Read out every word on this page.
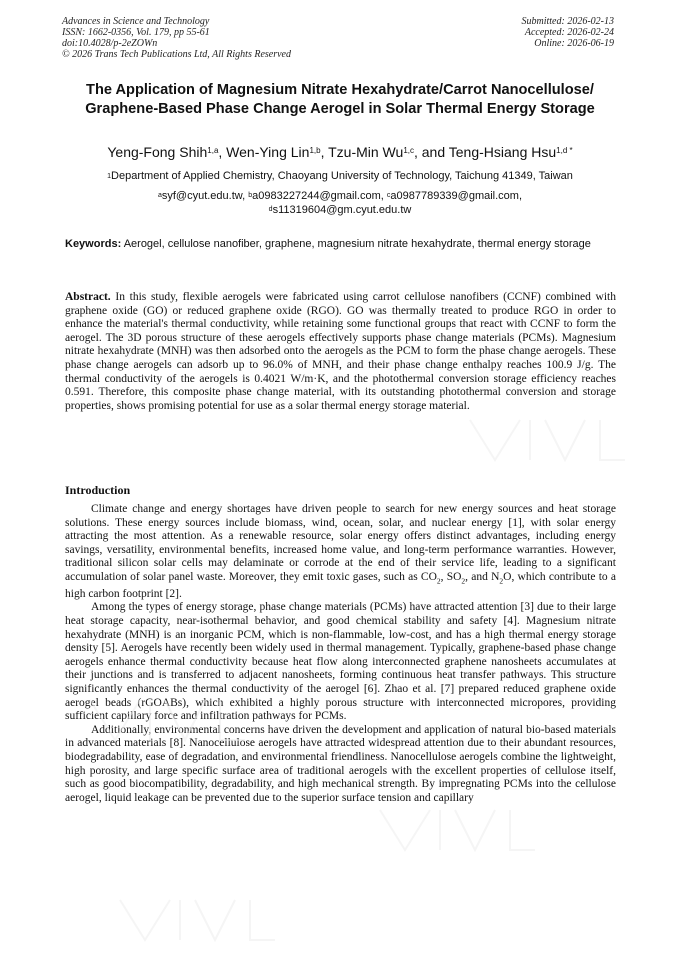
Advances in Science and Technology
ISSN: 1662-0356, Vol. 179, pp 55-61
doi:10.4028/p-2eZOWn
© 2026 Trans Tech Publications Ltd, All Rights Reserved
Submitted: 2026-02-13
Accepted: 2026-02-24
Online: 2026-06-19
The Application of Magnesium Nitrate Hexahydrate/Carrot Nanocellulose/ Graphene-Based Phase Change Aerogel in Solar Thermal Energy Storage
Yeng-Fong Shih$^{1,a}$, Wen-Ying Lin$^{1,b}$, Tzu-Min Wu$^{1,c}$, and Teng-Hsiang Hsu$^{1,d *}$
$^1$Department of Applied Chemistry, Chaoyang University of Technology, Taichung 41349, Taiwan
$^a$syf@cyut.edu.tw, $^b$a0983227244@gmail.com, $^c$a0987789339@gmail.com,
$^d$s11319604@gm.cyut.edu.tw
Keywords: Aerogel, cellulose nanofiber, graphene, magnesium nitrate hexahydrate, thermal energy storage
Abstract. In this study, flexible aerogels were fabricated using carrot cellulose nanofibers (CCNF) combined with graphene oxide (GO) or reduced graphene oxide (RGO). GO was thermally treated to produce RGO in order to enhance the material's thermal conductivity, while retaining some functional groups that react with CCNF to form the aerogel. The 3D porous structure of these aerogels effectively supports phase change materials (PCMs). Magnesium nitrate hexahydrate (MNH) was then adsorbed onto the aerogels as the PCM to form the phase change aerogels. These phase change aerogels can adsorb up to 96.0% of MNH, and their phase change enthalpy reaches 100.9 J/g. The thermal conductivity of the aerogels is 0.4021 W/m·K, and the photothermal conversion storage efficiency reaches 0.591. Therefore, this composite phase change material, with its outstanding photothermal conversion and storage properties, shows promising potential for use as a solar thermal energy storage material.
Introduction

Climate change and energy shortages have driven people to search for new energy sources and heat storage solutions. These energy sources include biomass, wind, ocean, solar, and nuclear energy [1], with solar energy attracting the most attention. As a renewable resource, solar energy offers distinct advantages, including energy savings, versatility, environmental benefits, increased home value, and long-term performance warranties. However, traditional silicon solar cells may delaminate or corrode at the end of their service life, leading to a significant accumulation of solar panel waste. Moreover, they emit toxic gases, such as $CO_2$, $SO_2$, and $N_2O$, which contribute to a high carbon footprint [2].

Among the types of energy storage, phase change materials (PCMs) have attracted attention [3] due to their large heat storage capacity, near-isothermal behavior, and good chemical stability and safety [4]. Magnesium nitrate hexahydrate (MNH) is an inorganic PCM, which is non-flammable, low-cost, and has a high thermal energy storage density [5]. Aerogels have recently been widely used in thermal management. Typically, graphene-based phase change aerogels enhance thermal conductivity because heat flow along interconnected graphene nanosheets accumulates at their junctions and is transferred to adjacent nanosheets, forming continuous heat transfer pathways. This structure significantly enhances the thermal conductivity of the aerogel [6]. Zhao et al. [7] prepared reduced graphene oxide aerogel beads (rGOABs), which exhibited a highly porous structure with interconnected micropores, providing sufficient capillary force and infiltration pathways for PCMs.

Additionally, environmental concerns have driven the development and application of natural bio-based materials in advanced materials [8]. Nanocellulose aerogels have attracted widespread attention due to their abundant resources, biodegradability, ease of degradation, and environmental friendliness. Nanocellulose aerogels combine the lightweight, high porosity, and large specific surface area of traditional aerogels with the excellent properties of cellulose itself, such as good biocompatibility, degradability, and high mechanical strength. By impregnating PCMs into the cellulose aerogel, liquid leakage can be prevented due to the superior surface tension and capillary
